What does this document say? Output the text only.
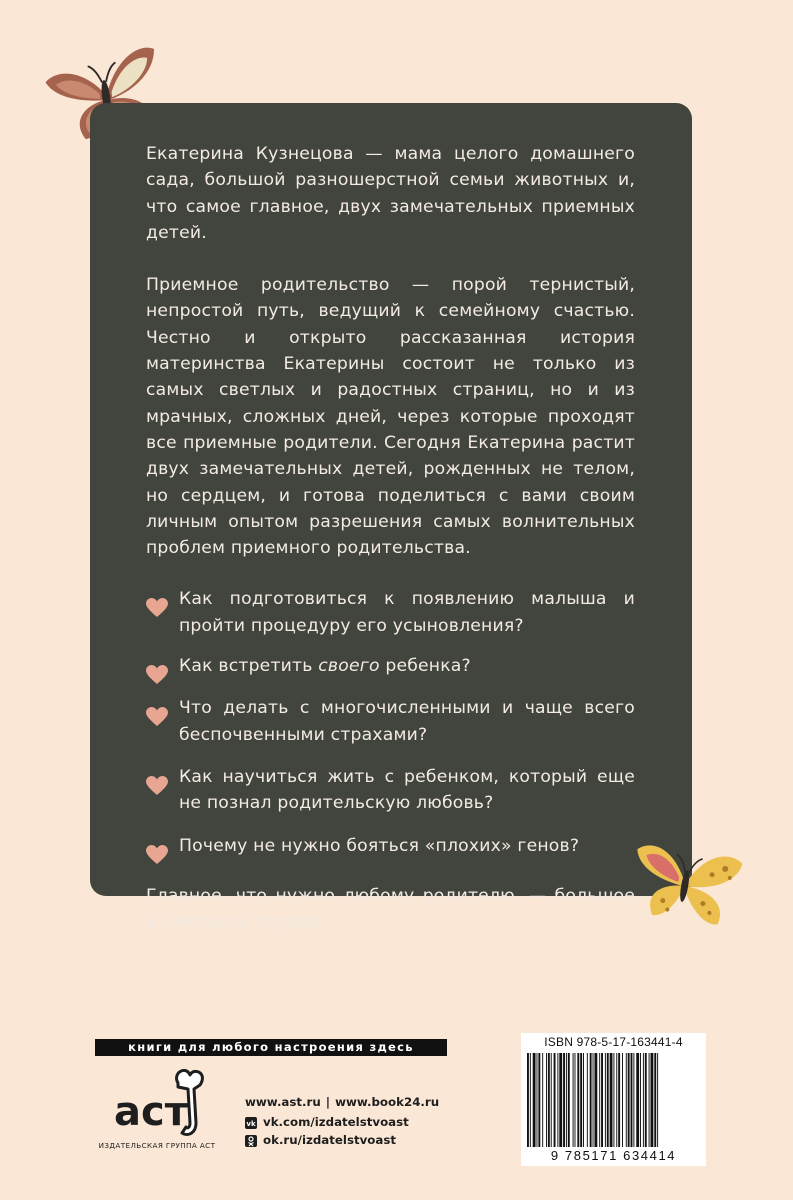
Екатерина Кузнецова — мама целого домашнего сада, большой разношерстной семьи животных и, что самое главное, двух замечательных приемных детей.

Приемное родительство — порой тернистый, непростой путь, ведущий к семейному счастью. Честно и открыто рассказанная история материнства Екатерины состоит не только из самых светлых и радостных страниц, но и из мрачных, сложных дней, через которые проходят все приемные родители. Сегодня Екатерина растит двух замечательных детей, рожденных не телом, но сердцем, и готова поделиться с вами своим личным опытом разрешения самых волнительных проблем приемного родительства.

Как подготовиться к появлению малыша и пройти процедуру его усыновления?
Как встретить своего ребенка?
Что делать с многочисленными и чаще всего беспочвенными страхами?
Как научиться жить с ребенком, который еще не познал родительскую любовь?
Почему не нужно бояться «плохих» генов?

Главное, что нужно любому родителю, — большое и любящее сердце.

книги для любого настроения здесь
аст
ИЗДАТЕЛЬСКАЯ ГРУППА АСТ
www.ast.ru | www.book24.ru
vk vk.com/izdatelstvoast
ok.ru/izdatelstvoast
ISBN 978-5-17-163441-4
9 785171 634414
